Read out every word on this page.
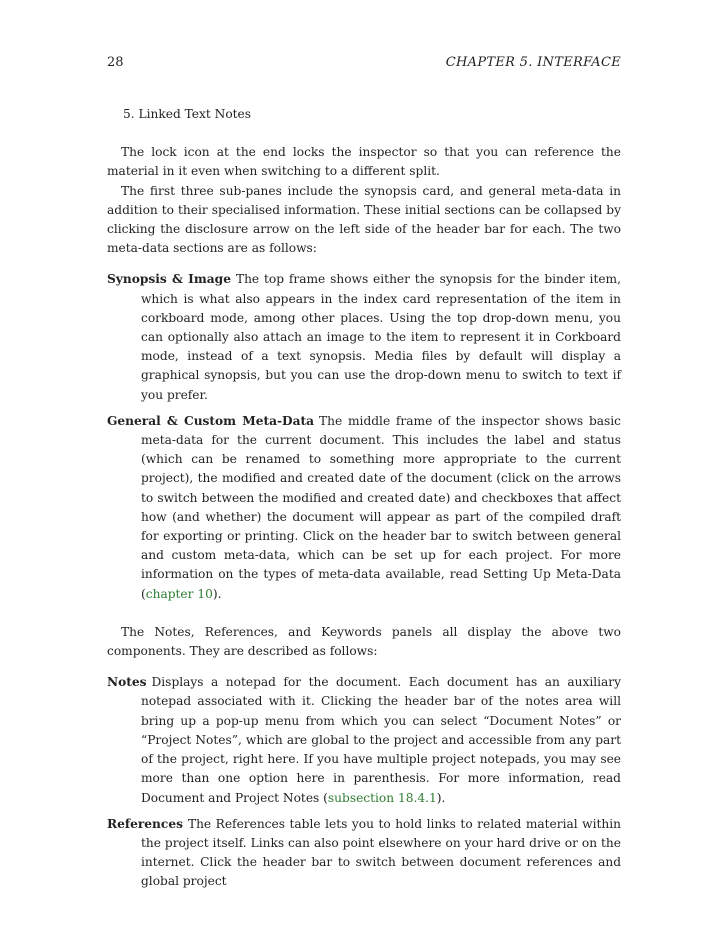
28	CHAPTER 5. INTERFACE
5. Linked Text Notes

The lock icon at the end locks the inspector so that you can reference the material in it even when switching to a different split.

The first three sub-panes include the synopsis card, and general meta-data in addition to their specialised information. These initial sections can be collapsed by clicking the disclosure arrow on the left side of the header bar for each. The two meta-data sections are as follows:

Synopsis & Image The top frame shows either the synopsis for the binder item, which is what also appears in the index card representation of the item in corkboard mode, among other places. Using the top drop-down menu, you can optionally also attach an image to the item to represent it in Corkboard mode, instead of a text synopsis. Media files by default will display a graphical synopsis, but you can use the drop-down menu to switch to text if you prefer.
General & Custom Meta-Data The middle frame of the inspector shows basic meta-data for the current document. This includes the label and status (which can be renamed to something more appropriate to the current project), the modified and created date of the document (click on the arrows to switch between the modified and created date) and checkboxes that affect how (and whether) the document will appear as part of the compiled draft for exporting or printing. Click on the header bar to switch between general and custom meta-data, which can be set up for each project. For more information on the types of meta-data available, read Setting Up Meta-Data (chapter 10).

The Notes, References, and Keywords panels all display the above two components. They are described as follows:

Notes Displays a notepad for the document. Each document has an auxiliary notepad associated with it. Clicking the header bar of the notes area will bring up a pop-up menu from which you can select “Document Notes” or “Project Notes”, which are global to the project and accessible from any part of the project, right here. If you have multiple project notepads, you may see more than one option here in parenthesis. For more information, read Document and Project Notes (subsection 18.4.1).
References The References table lets you to hold links to related material within the project itself. Links can also point elsewhere on your hard drive or on the internet. Click the header bar to switch between document references and global project
